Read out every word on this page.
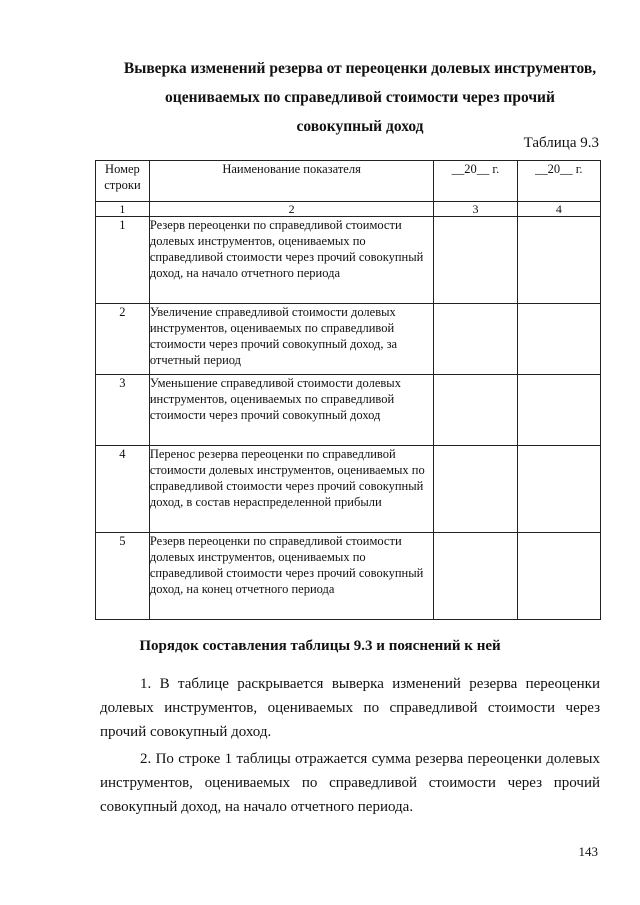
Выверка изменений резерва от переоценки долевых инструментов,

оцениваемых по справедливой стоимости через прочий

совокупный доход

Таблица 9.3
Номер строки	Наименование показателя	__20__ г.	__20__ г.
1	2	3	4
1	Резерв переоценки по справедливой стоимости долевых инструментов, оцениваемых по справедливой стоимости через прочий совокупный доход, на начало отчетного периода		
2	Увеличение справедливой стоимости долевых инструментов, оцениваемых по справедливой стоимости через прочий совокупный доход, за отчетный период		
3	Уменьшение справедливой стоимости долевых инструментов, оцениваемых по справедливой стоимости через прочий совокупный доход		
4	Перенос резерва переоценки по справедливой стоимости долевых инструментов, оцениваемых по справедливой стоимости через прочий совокупный доход, в состав нераспределенной прибыли		
5	Резерв переоценки по справедливой стоимости долевых инструментов, оцениваемых по справедливой стоимости через прочий совокупный доход, на конец отчетного периода		

Порядок составления таблицы 9.3 и пояснений к ней

1. В таблице раскрывается выверка изменений резерва переоценки долевых инструментов, оцениваемых по справедливой стоимости через прочий совокупный доход.

2. По строке 1 таблицы отражается сумма резерва переоценки долевых инструментов, оцениваемых по справедливой стоимости через прочий совокупный доход, на начало отчетного периода.

143
